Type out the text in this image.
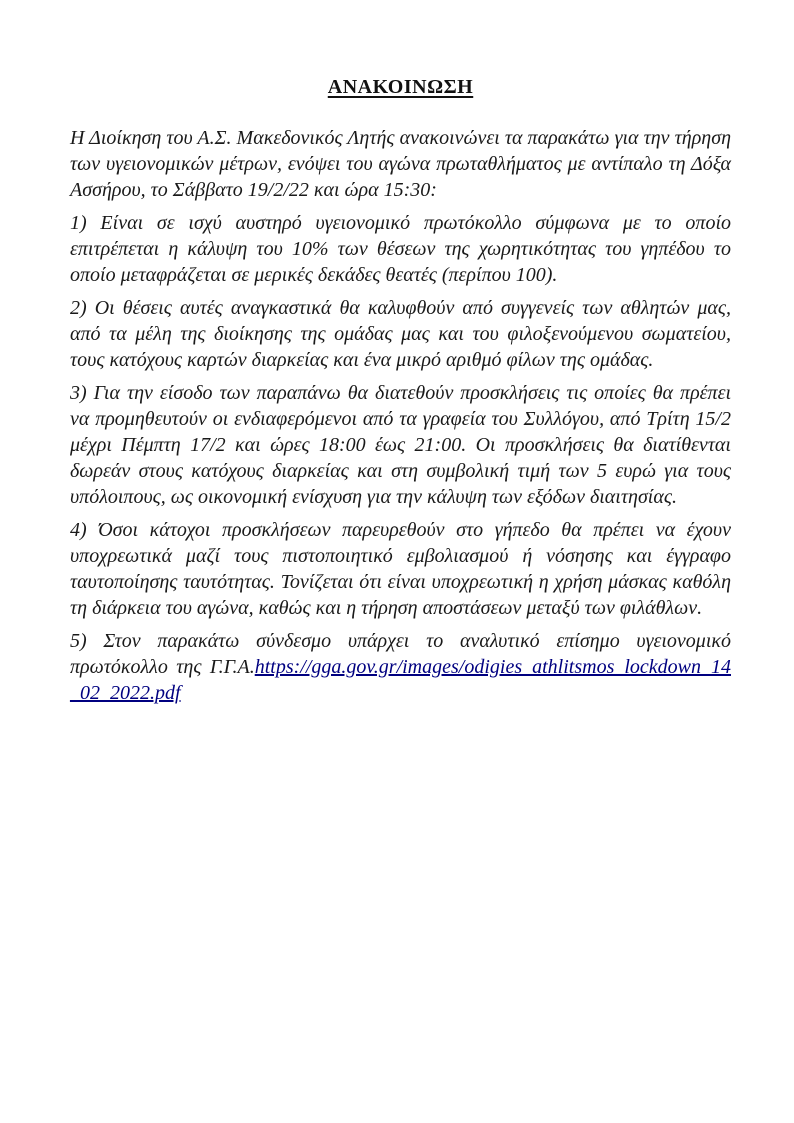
ΑΝΑΚΟΙΝΩΣΗ

Η Διοίκηση του Α.Σ. Μακεδονικός Λητής ανακοινώνει τα παρακάτω για την τήρηση των υγειονομικών μέτρων, ενόψει του αγώνα πρωταθλήματος με αντίπαλο τη Δόξα Ασσήρου, το Σάββατο 19/2/22 και ώρα 15:30:

1) Είναι σε ισχύ αυστηρό υγειονομικό πρωτόκολλο σύμφωνα με το οποίο επιτρέπεται η κάλυψη του 10% των θέσεων της χωρητικότητας του γηπέδου το οποίο μεταφράζεται σε μερικές δεκάδες θεατές (περίπου 100).

2) Οι θέσεις αυτές αναγκαστικά θα καλυφθούν από συγγενείς των αθλητών μας, από τα μέλη της διοίκησης της ομάδας μας και του φιλοξενούμενου σωματείου, τους κατόχους καρτών διαρκείας και ένα μικρό αριθμό φίλων της ομάδας.

3) Για την είσοδο των παραπάνω θα διατεθούν προσκλήσεις τις οποίες θα πρέπει να προμηθευτούν οι ενδιαφερόμενοι από τα γραφεία του Συλλόγου, από Τρίτη 15/2 μέχρι Πέμπτη 17/2 και ώρες 18:00 έως 21:00. Οι προσκλήσεις θα διατίθενται δωρεάν στους κατόχους διαρκείας και στη συμβολική τιμή των 5 ευρώ για τους υπόλοιπους, ως οικονομική ενίσχυση για την κάλυψη των εξόδων διαιτησίας.

4) Όσοι κάτοχοι προσκλήσεων παρευρεθούν στο γήπεδο θα πρέπει να έχουν υποχρεωτικά μαζί τους πιστοποιητικό εμβολιασμού ή νόσησης και έγγραφο ταυτοποίησης ταυτότητας. Τονίζεται ότι είναι υποχρεωτική η χρήση μάσκας καθόλη τη διάρκεια του αγώνα, καθώς και η τήρηση αποστάσεων μεταξύ των φιλάθλων.

5) Στον παρακάτω σύνδεσμο υπάρχει το αναλυτικό επίσημο υγειονομικό πρωτόκολλο της Γ.Γ.Α.https://gga.gov.gr/images/odigies_athlitsmos_lockdown_14_02_2022.pdf
